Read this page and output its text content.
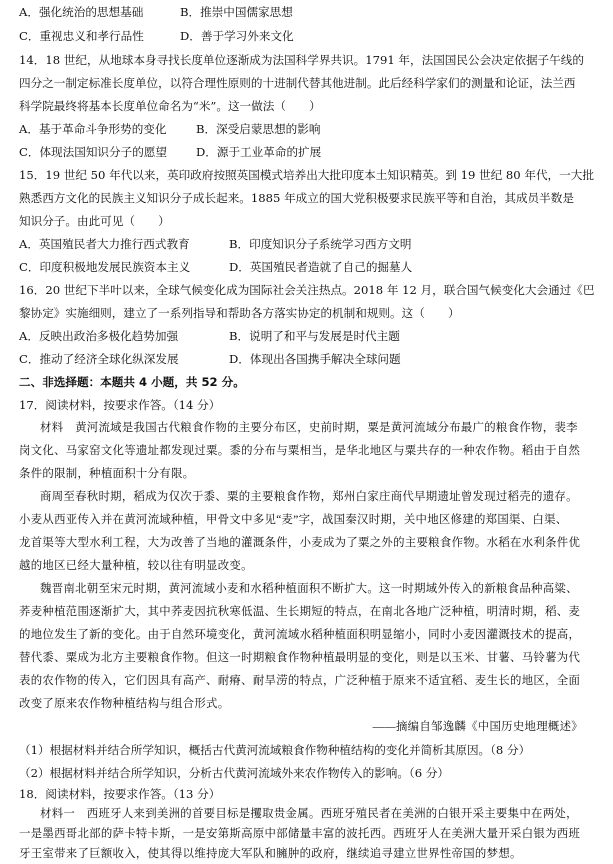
A．强化统治的思想基础	B．推崇中国儒家思想
C．重视忠义和孝行品性	D．善于学习外来文化
14．18 世纪，从地球本身寻找长度单位逐渐成为法国科学界共识。1791 年，法国国民公会决定依据子午线的
四分之一制定标准长度单位，以符合理性原则的十进制代替其他进制。此后经科学家们的测量和论证，法兰西
科学院最终将基本长度单位命名为“米”。这一做法（　　）
A．基于革命斗争形势的变化	B．深受启蒙思想的影响
C．体现法国知识分子的愿望	D．源于工业革命的扩展
15．19 世纪 50 年代以来，英印政府按照英国模式培养出大批印度本土知识精英。到 19 世纪 80 年代，一大批
熟悉西方文化的民族主义知识分子成长起来。1885 年成立的国大党积极要求民族平等和自治，其成员半数是
知识分子。由此可见（　　）
A．英国殖民者大力推行西式教育	B．印度知识分子系统学习西方文明
C．印度积极地发展民族资本主义	D．英国殖民者造就了自己的掘墓人
16．20 世纪下半叶以来，全球气候变化成为国际社会关注热点。2018 年 12 月，联合国气候变化大会通过《巴
黎协定》实施细则，建立了一系列指导和帮助各方落实协定的机制和规则。这（　　）
A．反映出政治多极化趋势加强	B．说明了和平与发展是时代主题
C．推动了经济全球化纵深发展	D．体现出各国携手解决全球问题
二、非选择题：本题共 4 小题，共 52 分。
17．阅读材料，按要求作答。（14 分）
材料　黄河流域是我国古代粮食作物的主要分布区，史前时期，粟是黄河流域分布最广的粮食作物，裴李
岗文化、马家窑文化等遗址都发现过粟。黍的分布与粟相当，是华北地区与粟共存的一种农作物。稻由于自然
条件的限制，种植面积十分有限。
商周至春秋时期，稻成为仅次于黍、粟的主要粮食作物，郑州白家庄商代早期遗址曾发现过稻壳的遗存。
小麦从西亚传入并在黄河流域种植，甲骨文中多见“麦”字，战国秦汉时期，关中地区修建的郑国渠、白渠、
龙首渠等大型水利工程，大为改善了当地的灌溉条件，小麦成为了粟之外的主要粮食作物。水稻在水利条件优
越的地区已经大量种植，较以往有明显改变。
魏晋南北朝至宋元时期，黄河流域小麦和水稻种植面积不断扩大。这一时期域外传入的新粮食品种高粱、
荞麦种植范围逐渐扩大，其中荞麦因抗秋寒低温、生长期短的特点，在南北各地广泛种植，明清时期，稻、麦
的地位发生了新的变化。由于自然环境变化，黄河流域水稻种植面积明显缩小，同时小麦因灌溉技术的提高，
替代黍、粟成为北方主要粮食作物。但这一时期粮食作物种植最明显的变化，则是以玉米、甘薯、马铃薯为代
表的农作物的传入，它们因具有高产、耐瘠、耐旱涝的特点，广泛种植于原来不适宜稻、麦生长的地区，全面
改变了原来农作物种植结构与组合形式。
——摘编自邹逸麟《中国历史地理概述》
（1）根据材料并结合所学知识，概括古代黄河流域粮食作物种植结构的变化并简析其原因。（8 分）
（2）根据材料并结合所学知识，分析古代黄河流域外来农作物传入的影响。（6 分）
18．阅读材料，按要求作答。（13 分）
材料一　西班牙人来到美洲的首要目标是攫取贵金属。西班牙殖民者在美洲的白银开采主要集中在两处，
一是墨西哥北部的萨卡特卡斯，一是安第斯高原中部储量丰富的波托西。西班牙人在美洲大量开采白银为西班
牙王室带来了巨额收入，使其得以维持庞大军队和臃肿的政府，继续追寻建立世界性帝国的梦想。
